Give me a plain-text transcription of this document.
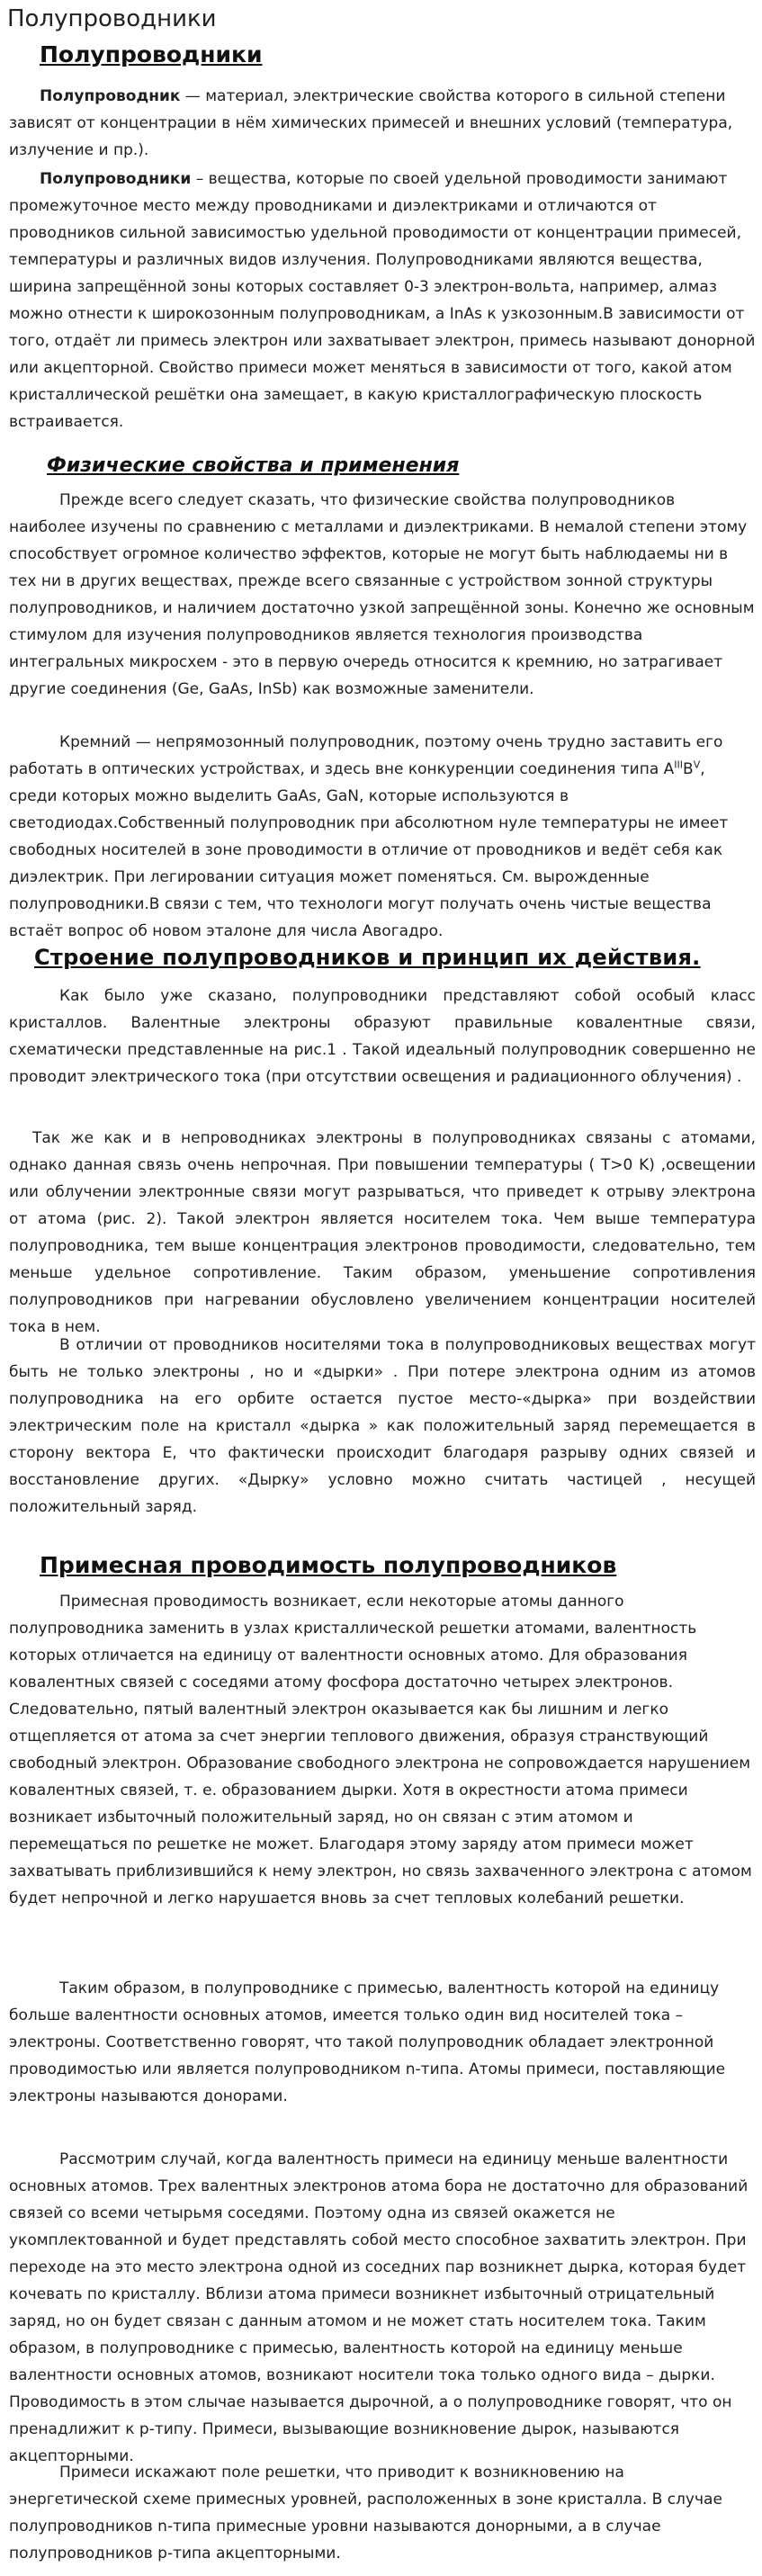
Полупроводники
Полупроводники

Полупроводник — материал, электрические свойства которого в сильной степени зависят от концентрации в нём химических примесей и внешних условий (температура, излучение и пр.).

Полупроводники – вещества, которые по своей удельной проводимости занимают промежуточное место между проводниками и диэлектриками и отличаются от проводников сильной зависимостью удельной проводимости от концентрации примесей, температуры и различных видов излучения. Полупроводниками являются вещества, ширина запрещённой зоны которых составляет 0-3 электрон-вольта, например, алмаз можно отнести к широкозонным полупроводникам, а InAs к узкозонным.В зависимости от того, отдаёт ли примесь электрон или захватывает электрон, примесь называют донорной или акцепторной. Свойство примеси может меняться в зависимости от того, какой атом кристаллической решётки она замещает, в какую кристаллографическую плоскость встраивается.

Физические свойства и применения

Прежде всего следует сказать, что физические свойства полупроводников наиболее изучены по сравнению с металлами и диэлектриками. В немалой степени этому способствует огромное количество эффектов, которые не могут быть наблюдаемы ни в тех ни в других веществах, прежде всего связанные с устройством зонной структуры полупроводников, и наличием достаточно узкой запрещённой зоны. Конечно же основным стимулом для изучения полупроводников является технология производства интегральных микросхем - это в первую очередь относится к кремнию, но затрагивает другие соединения (Ge, GaAs, InSb) как возможные заменители.

Кремний — непрямозонный полупроводник, поэтому очень трудно заставить его работать в оптических устройствах, и здесь вне конкуренции соединения типа $A^{III}B^V$, среди которых можно выделить GaAs, GaN, которые используются в светодиодах.Собственный полупроводник при абсолютном нуле температуры не имеет свободных носителей в зоне проводимости в отличие от проводников и ведёт себя как диэлектрик. При легировании ситуация может поменяться. См. вырожденные полупроводники.В связи с тем, что технологи могут получать очень чистые вещества встаёт вопрос об новом эталоне для числа Авогадро.

Строение полупроводников и принцип их действия.

Как было уже сказано, полупроводники представляют собой особый класс кристаллов. Валентные электроны образуют правильные ковалентные связи, схематически представленные на рис.1 . Такой идеальный полупроводник совершенно не проводит электрического тока (при отсутствии освещения и радиационного облучения) .

Так же как и в непроводниках электроны в полупроводниках связаны с атомами, однако данная связь очень непрочная. При повышении температуры ( T>0 K) ,освещении или облучении электронные связи могут разрываться, что приведет к отрыву электрона от атома (рис. 2). Такой электрон является носителем тока. Чем выше температура полупроводника, тем выше концентрация электронов проводимости, следовательно, тем меньше удельное сопротивление. Таким образом, уменьшение сопротивления полупроводников при нагревании обусловлено увеличением концентрации носителей тока в нем.

В отличии от проводников носителями тока в полупроводниковых веществах могут быть не только электроны , но и «дырки» . При потере электрона одним из атомов полупроводника на его орбите остается пустое место-«дырка» при воздействии электрическим поле на кристалл «дырка » как положительный заряд перемещается в сторону вектора Е, что фактически происходит благодаря разрыву одних связей и восстановление других. «Дырку» условно можно считать частицей , несущей положительный заряд.

Примесная проводимость полупроводников

Примесная проводимость возникает, если некоторые атомы данного полупроводника заменить в узлах кристаллической решетки атомами, валентность которых отличается на единицу от валентности основных атомо. Для образования ковалентных связей с соседями атому фосфора достаточно четырех электронов. Следовательно, пятый валентный электрон оказывается как бы лишним и легко отщепляется от атома за счет энергии теплового движения, образуя странствующий свободный электрон. Образование свободного электрона не сопровождается нарушением ковалентных связей, т. е. образованием дырки. Хотя в окрестности атома примеси возникает избыточный положительный заряд, но он связан с этим атомом и перемещаться по решетке не может. Благодаря этому заряду атом примеси может захватывать приблизившийся к нему электрон, но связь захваченного электрона с атомом будет непрочной и легко нарушается вновь за счет тепловых колебаний решетки.

Таким образом, в полупроводнике с примесью, валентность которой на единицу больше валентности основных атомов, имеется только один вид носителей тока – электроны. Соответственно говорят, что такой полупроводник обладает электронной проводимостью или является полупроводником n-типа. Атомы примеси, поставляющие электроны называются донорами.

Рассмотрим случай, когда валентность примеси на единицу меньше валентности основных атомов. Трех валентных электронов атома бора не достаточно для образований связей со всеми четырьмя соседями. Поэтому одна из связей окажется не укомплектованной и будет представлять собой место способное захватить электрон. При переходе на это место электрона одной из соседних пар возникнет дырка, которая будет кочевать по кристаллу. Вблизи атома примеси возникнет избыточный отрицательный заряд, но он будет связан с данным атомом и не может стать носителем тока. Таким образом, в полупроводнике с примесью, валентность которой на единицу меньше валентности основных атомов, возникают носители тока только одного вида – дырки. Проводимость в этом слычае называется дырочной, а о полупроводнике говорят, что он пренадлижит к p-типу. Примеси, вызывающие возникновение дырок, называются акцепторными.

Примеси искажают поле решетки, что приводит к возникновению на энергетической схеме примесных уровней, расположенных в зоне кристалла. В случае полупроводников n-типа примесные уровни называются донорными, а в случае полупроводников p-типа акцепторными.
